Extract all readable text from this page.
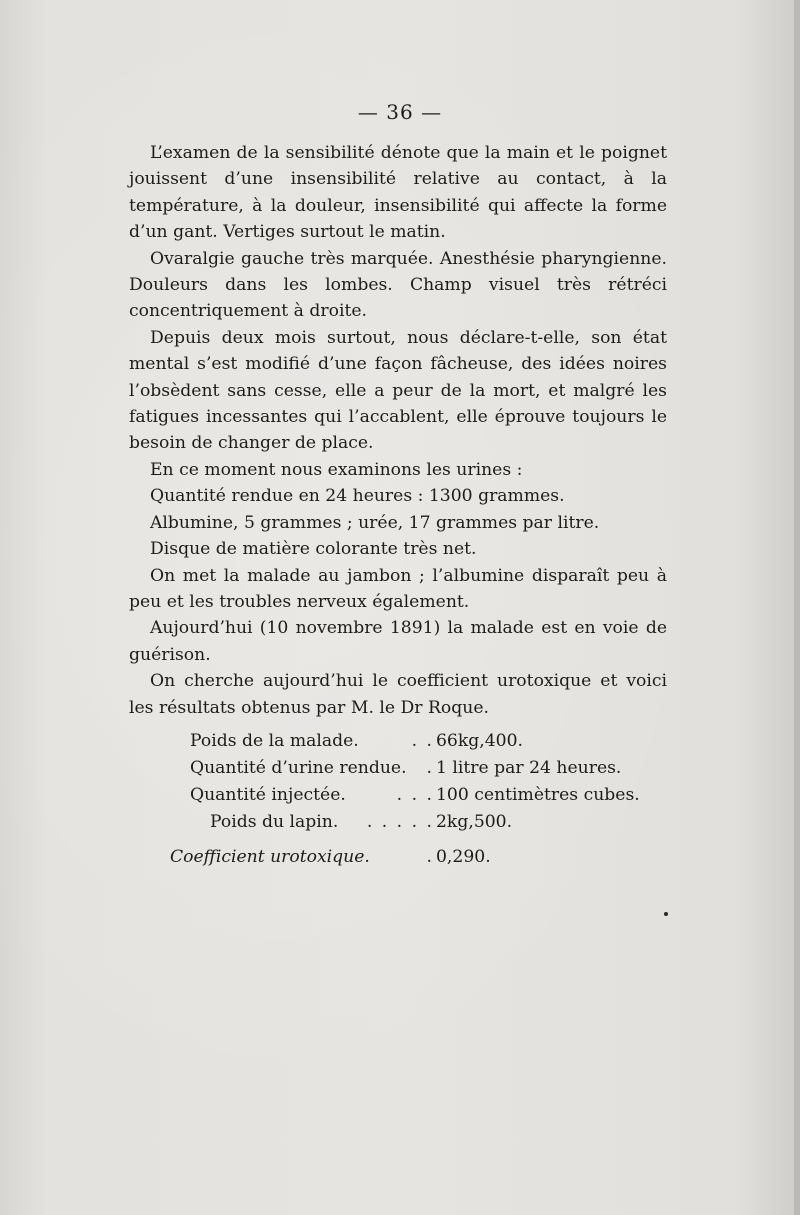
— 36 —

L’examen de la sensibilité dénote que la main et le poignet jouissent d’une insensibilité relative au contact, à la température, à la douleur, insensibilité qui affecte la forme d’un gant. Vertiges surtout le matin.

Ovaralgie gauche très marquée. Anesthésie pharyngienne. Douleurs dans les lombes. Champ visuel très rétréci concentriquement à droite.

Depuis deux mois surtout, nous déclare-t-elle, son état mental s’est modifié d’une façon fâcheuse, des idées noires l’obsèdent sans cesse, elle a peur de la mort, et malgré les fatigues incessantes qui l’accablent, elle éprouve toujours le besoin de changer de place.

En ce moment nous examinons les urines :

Quantité rendue en 24 heures : 1300 grammes.

Albumine, 5 grammes ; urée, 17 grammes par litre.

Disque de matière colorante très net.

On met la malade au jambon ; l’albumine disparaît peu à peu et les troubles nerveux également.

Aujourd’hui (10 novembre 1891) la malade est en voie de guérison.

On cherche aujourd’hui le coefficient urotoxique et voici les résultats obtenus par M. le Dr Roque.

Poids de la malade.	. . 66kg,400.
Quantité d’urine rendue. . 1 litre par 24 heures.
Quantité injectée.	. . . 100 centimètres cubes.
Poids du lapin. . . . . . 2kg,500.
Coefficient urotoxique.	. 0,290.
